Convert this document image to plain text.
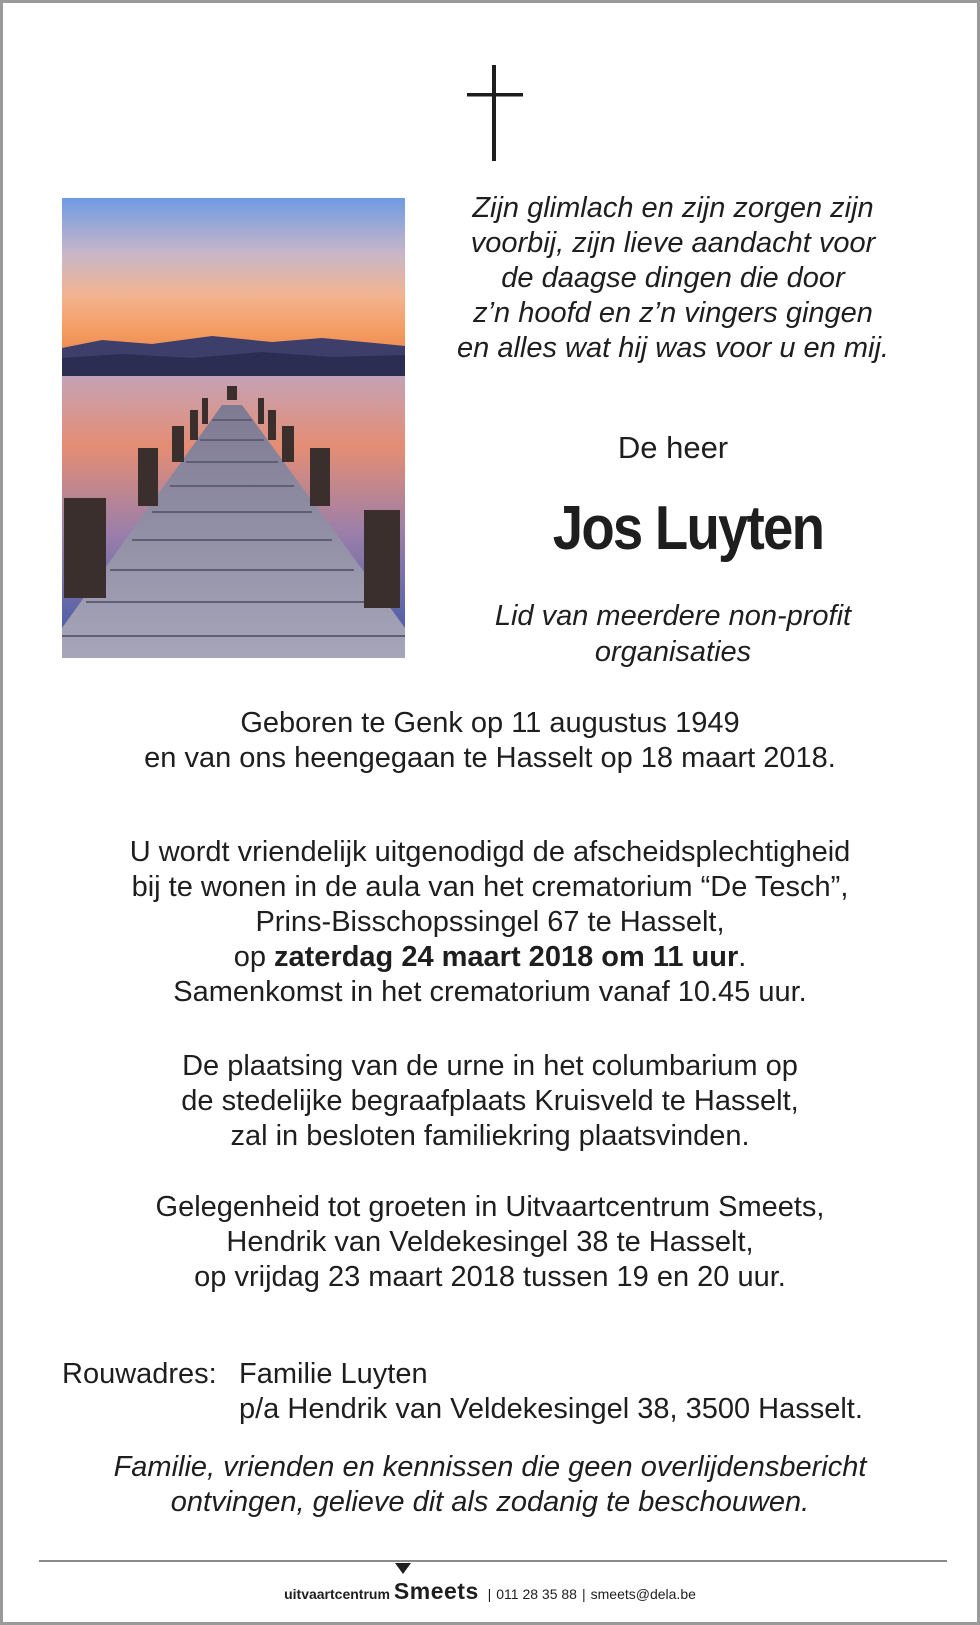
Zijn glimlach en zijn zorgen zijn
voorbij, zijn lieve aandacht voor
de daagse dingen die door
z’n hoofd en z’n vingers gingen
en alles wat hij was voor u en mij.
De heer
Jos Luyten
Lid van meerdere non-profit
organisaties
Geboren te Genk op 11 augustus 1949
en van ons heengegaan te Hasselt op 18 maart 2018.
U wordt vriendelijk uitgenodigd de afscheidsplechtigheid
bij te wonen in de aula van het crematorium “De Tesch”,
Prins-Bisschopssingel 67 te Hasselt,
op zaterdag 24 maart 2018 om 11 uur.
Samenkomst in het crematorium vanaf 10.45 uur.
De plaatsing van de urne in het columbarium op
de stedelijke begraafplaats Kruisveld te Hasselt,
zal in besloten familiekring plaatsvinden.
Gelegenheid tot groeten in Uitvaartcentrum Smeets,
Hendrik van Veldekesingel 38 te Hasselt,
op vrijdag 23 maart 2018 tussen 19 en 20 uur.
Rouwadres: Familie Luyten
p/a Hendrik van Veldekesingel 38, 3500 Hasselt.
Familie, vrienden en kennissen die geen overlijdensbericht
ontvingen, gelieve dit als zodanig te beschouwen.
uitvaartcentrum Smeets | 011 28 35 88 | smeets@dela.be
